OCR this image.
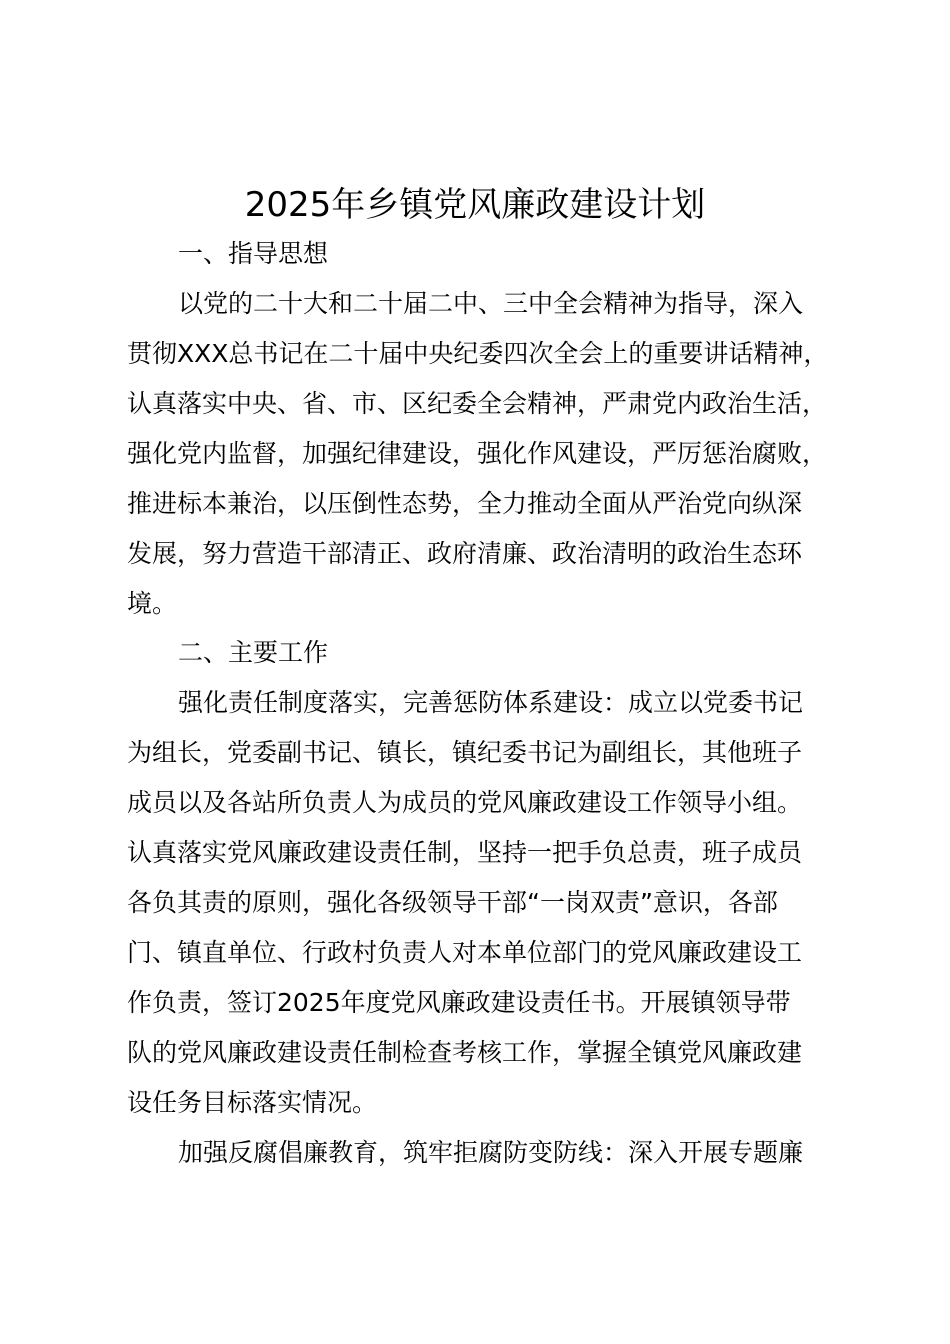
2025年乡镇党风廉政建设计划
一、指导思想
以党的二十大和二十届二中、三中全会精神为指导，深入
贯彻XXX总书记在二十届中央纪委四次全会上的重要讲话精神，
认真落实中央、省、市、区纪委全会精神，严肃党内政治生活，
强化党内监督，加强纪律建设，强化作风建设，严厉惩治腐败，
推进标本兼治，以压倒性态势，全力推动全面从严治党向纵深
发展，努力营造干部清正、政府清廉、政治清明的政治生态环
境。
二、主要工作
强化责任制度落实，完善惩防体系建设：成立以党委书记
为组长，党委副书记、镇长，镇纪委书记为副组长，其他班子
成员以及各站所负责人为成员的党风廉政建设工作领导小组。
认真落实党风廉政建设责任制，坚持一把手负总责，班子成员
各负其责的原则，强化各级领导干部“一岗双责”意识，各部
门、镇直单位、行政村负责人对本单位部门的党风廉政建设工
作负责，签订2025年度党风廉政建设责任书。开展镇领导带
队的党风廉政建设责任制检查考核工作，掌握全镇党风廉政建
设任务目标落实情况。
加强反腐倡廉教育，筑牢拒腐防变防线：深入开展专题廉
